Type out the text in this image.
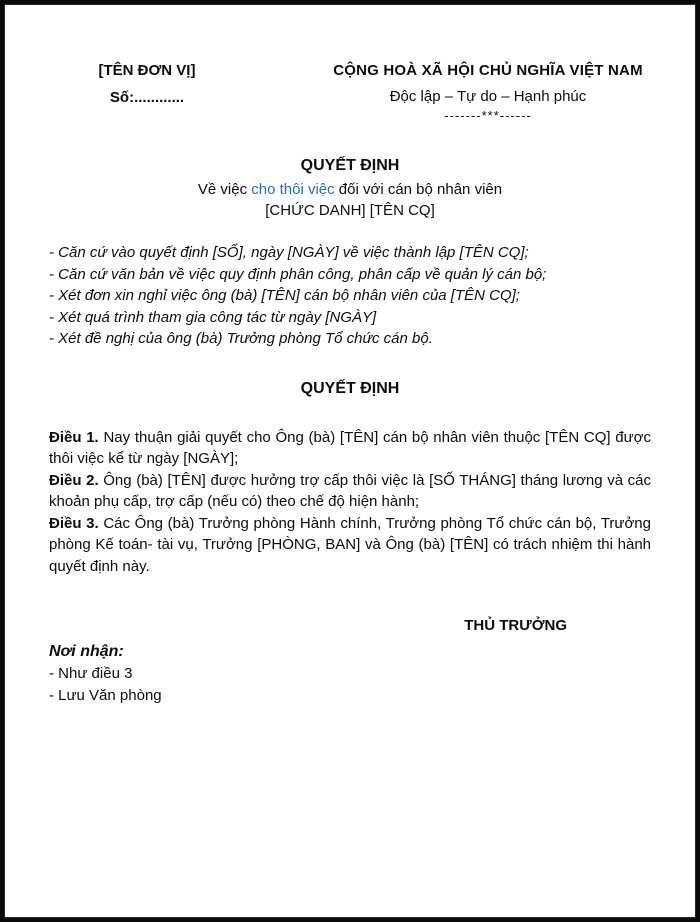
[TÊN ĐƠN VỊ]
Số:............
CỘNG HOÀ XÃ HỘI CHỦ NGHĨA VIỆT NAM
Độc lập – Tự do – Hạnh phúc
-------***------
QUYẾT ĐỊNH
Về việc cho thôi việc đối với cán bộ nhân viên
[CHỨC DANH] [TÊN CQ]
- Căn cứ vào quyết định [SỐ], ngày [NGÀY] về việc thành lập [TÊN CQ];
- Căn cứ văn bản về việc quy định phân công, phân cấp về quản lý cán bộ;
- Xét đơn xin nghỉ việc ông (bà) [TÊN] cán bộ nhân viên của [TÊN CQ];
- Xét quá trình tham gia công tác từ ngày [NGÀY]
- Xét đề nghị của ông (bà) Trưởng phòng Tổ chức cán bộ.
QUYẾT ĐỊNH

Điều 1. Nay thuận giải quyết cho Ông (bà) [TÊN] cán bộ nhân viên thuộc [TÊN CQ] được thôi việc kể từ ngày [NGÀY];

Điều 2. Ông (bà) [TÊN] được hưởng trợ cấp thôi việc là [SỐ THÁNG] tháng lương và các khoản phụ cấp, trợ cấp (nếu có) theo chế độ hiện hành;

Điều 3. Các Ông (bà) Trưởng phòng Hành chính, Trưởng phòng Tổ chức cán bộ, Trưởng phòng Kế toán- tài vụ, Trưởng [PHÒNG, BAN] và Ông (bà) [TÊN] có trách nhiệm thi hành quyết định này.

THỦ TRƯỞNG
Nơi nhận:
- Như điều 3
- Lưu Văn phòng
